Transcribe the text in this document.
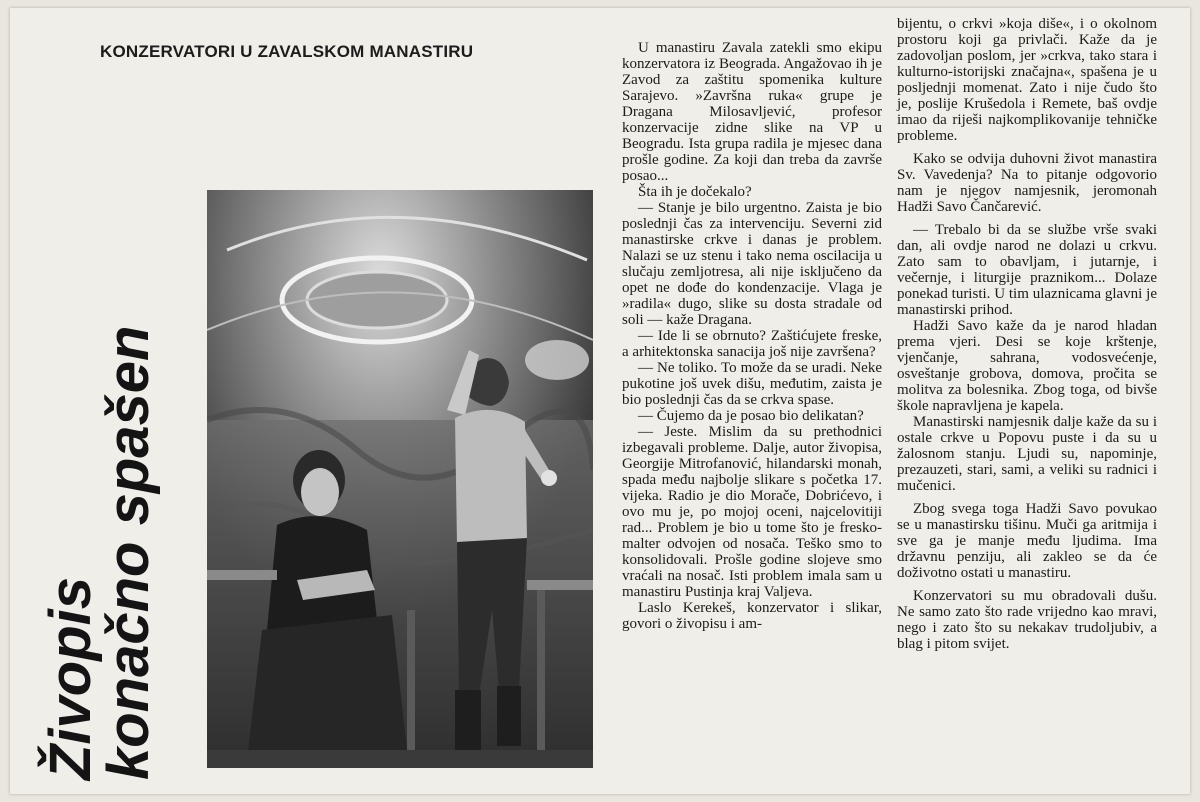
KONZERVATORI U ZAVALSKOM MANASTIRU
Živopis
konačno spašen

U manastiru Zavala zatekli smo ekipu konzervatora iz Beograda. Angažovao ih je Zavod za zaštitu spomenika kulture Sarajevo. »Završna ruka« grupe je Dragana Milosavljević, profesor konzervacije zidne slike na VP u Beogradu. Ista grupa radila je mjesec dana prošle godine. Za koji dan treba da završe posao...

Šta ih je dočekalo?

— Stanje je bilo urgentno. Zaista je bio poslednji čas za intervenciju. Severni zid manastirske crkve i danas je problem. Nalazi se uz stenu i tako nema oscilacija u slučaju zemljotresa, ali nije isključeno da opet ne dođe do kondenzacije. Vlaga je »radila« dugo, slike su dosta stradale od soli — kaže Dragana.

— Ide li se obrnuto? Zaštićujete freske, a arhitektonska sanacija još nije završena?

— Ne toliko. To može da se uradi. Neke pukotine još uvek dišu, međutim, zaista je bio poslednji čas da se crkva spase.

— Čujemo da je posao bio delikatan?

— Jeste. Mislim da su prethodnici izbegavali probleme. Dalje, autor živopisa, Georgije Mitrofanović, hilandarski monah, spada među najbolje slikare s početka 17. vijeka. Radio je dio Morače, Dobrićevo, i ovo mu je, po mojoj oceni, najcelovitiji rad... Problem je bio u tome što je fresko-malter odvojen od nosača. Teško smo to konsolidovali. Prošle godine slojeve smo vraćali na nosač. Isti problem imala sam u manastiru Pustinja kraj Valjeva.

Laslo Kerekeš, konzervator i slikar, govori o živopisu i am-

bijentu, o crkvi »koja diše«, i o okolnom prostoru koji ga privlači. Kaže da je zadovoljan poslom, jer »crkva, tako stara i kulturno-istorijski značajna«, spašena je u posljednji momenat. Zato i nije čudo što je, poslije Krušedola i Remete, baš ovdje imao da riješi najkomplikovanije tehničke probleme.

Kako se odvija duhovni život manastira Sv. Vavedenja? Na to pitanje odgovorio nam je njegov namjesnik, jeromonah Hadži Savo Čančarević.

— Trebalo bi da se službe vrše svaki dan, ali ovdje narod ne dolazi u crkvu. Zato sam to obavljam, i jutarnje, i večernje, i liturgije praznikom... Dolaze ponekad turisti. U tim ulaznicama glavni je manastirski prihod.

Hadži Savo kaže da je narod hladan prema vjeri. Desi se koje krštenje, vjenčanje, sahrana, vodosvećenje, osveštanje grobova, domova, pročita se molitva za bolesnika. Zbog toga, od bivše škole napravljena je kapela.

Manastirski namjesnik dalje kaže da su i ostale crkve u Popovu puste i da su u žalosnom stanju. Ljudi su, napominje, prezauzeti, stari, sami, a veliki su radnici i mučenici.

Zbog svega toga Hadži Savo povukao se u manastirsku tišinu. Muči ga aritmija i sve ga je manje među ljudima. Ima državnu penziju, ali zakleo se da će doživotno ostati u manastiru.

Konzervatori su mu obradovali dušu. Ne samo zato što rade vrijedno kao mravi, nego i zato što su nekakav trudoljubiv, a blag i pitom svijet.
